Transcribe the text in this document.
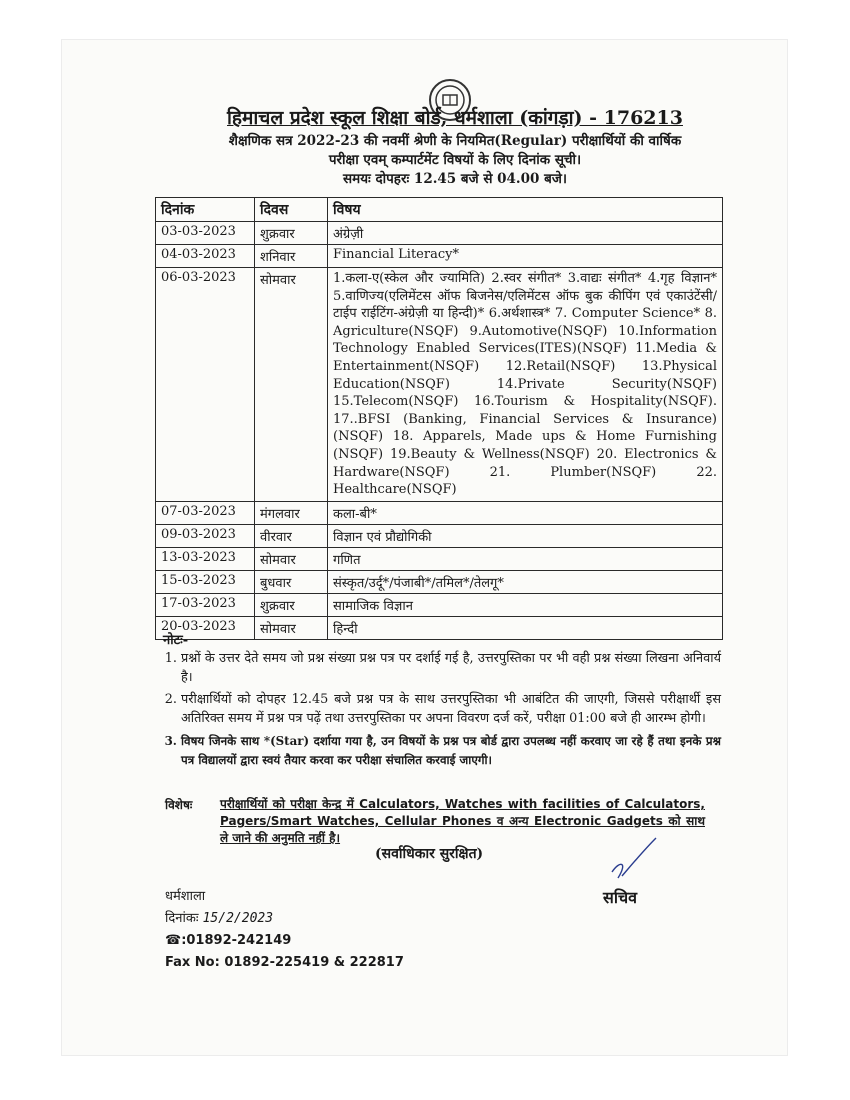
हिमाचल प्रदेश स्कूल शिक्षा बोर्ड, धर्मशाला (कांगड़ा) - 176213
शैक्षणिक सत्र 2022-23 की नवमीं श्रेणी के नियमित(Regular) परीक्षार्थियों की वार्षिक
परीक्षा एवम् कम्पार्टमेंट विषयों के लिए दिनांक सूची।
समयः दोपहरः 12.45 बजे से 04.00 बजे।
दिनांक	दिवस	विषय
03-03-2023	शुक्रवार	अंग्रेज़ी
04-03-2023	शनिवार	Financial Literacy*
06-03-2023	सोमवार	1.कला-ए(स्केल और ज्यामिति) 2.स्वर संगीत* 3.वाद्यः संगीत* 4.गृह विज्ञान* 5.वाणिज्य(एलिमेंटस ऑफ बिजनेस/एलिमेंटस ऑफ बुक कीपिंग एवं एकाउंटेंसी/टाईप राईटिंग-अंग्रेज़ी या हिन्दी)* 6.अर्थशास्त्र* 7. Computer Science* 8. Agriculture(NSQF) 9.Automotive(NSQF) 10.Information Technology Enabled Services(ITES)(NSQF) 11.Media & Entertainment(NSQF) 12.Retail(NSQF) 13.Physical Education(NSQF) 14.Private Security(NSQF) 15.Telecom(NSQF) 16.Tourism & Hospitality(NSQF). 17..BFSI (Banking, Financial Services & Insurance) (NSQF) 18. Apparels, Made ups & Home Furnishing (NSQF) 19.Beauty & Wellness(NSQF) 20. Electronics & Hardware(NSQF) 21. Plumber(NSQF) 22. Healthcare(NSQF)
07-03-2023	मंगलवार	कला-बी*
09-03-2023	वीरवार	विज्ञान एवं प्रौद्योगिकी
13-03-2023	सोमवार	गणित
15-03-2023	बुधवार	संस्कृत/उर्दू*/पंजाबी*/तमिल*/तेलगू*
17-03-2023	शुक्रवार	सामाजिक विज्ञान
20-03-2023	सोमवार	हिन्दी
नोटः-
1. प्रश्नों के उत्तर देते समय जो प्रश्न संख्या प्रश्न पत्र पर दर्शाई गई है, उत्तरपुस्तिका पर भी वही प्रश्न संख्या लिखना अनिवार्य है।
2. परीक्षार्थियों को दोपहर 12.45 बजे प्रश्न पत्र के साथ उत्तरपुस्तिका भी आबंटित की जाएगी, जिससे परीक्षार्थी इस अतिरिक्त समय में प्रश्न पत्र पढ़ें तथा उत्तरपुस्तिका पर अपना विवरण दर्ज करें, परीक्षा 01:00 बजे ही आरम्भ होगी।
3. विषय जिनके साथ *(Star) दर्शाया गया है, उन विषयों के प्रश्न पत्र बोर्ड द्वारा उपलब्ध नहीं करवाए जा रहे हैं तथा इनके प्रश्न पत्र विद्यालयों द्वारा स्वयं तैयार करवा कर परीक्षा संचालित करवाई जाएगी।
विशेषः परीक्षार्थियों को परीक्षा केन्द्र में Calculators, Watches with facilities of Calculators, Pagers/Smart Watches, Cellular Phones व अन्य Electronic Gadgets को साथ ले जाने की अनुमति नहीं है।
(सर्वाधिकार सुरक्षित)
सचिव
धर्मशाला
दिनांकः 15/2/2023
☎:01892-242149
Fax No: 01892-225419 & 222817
